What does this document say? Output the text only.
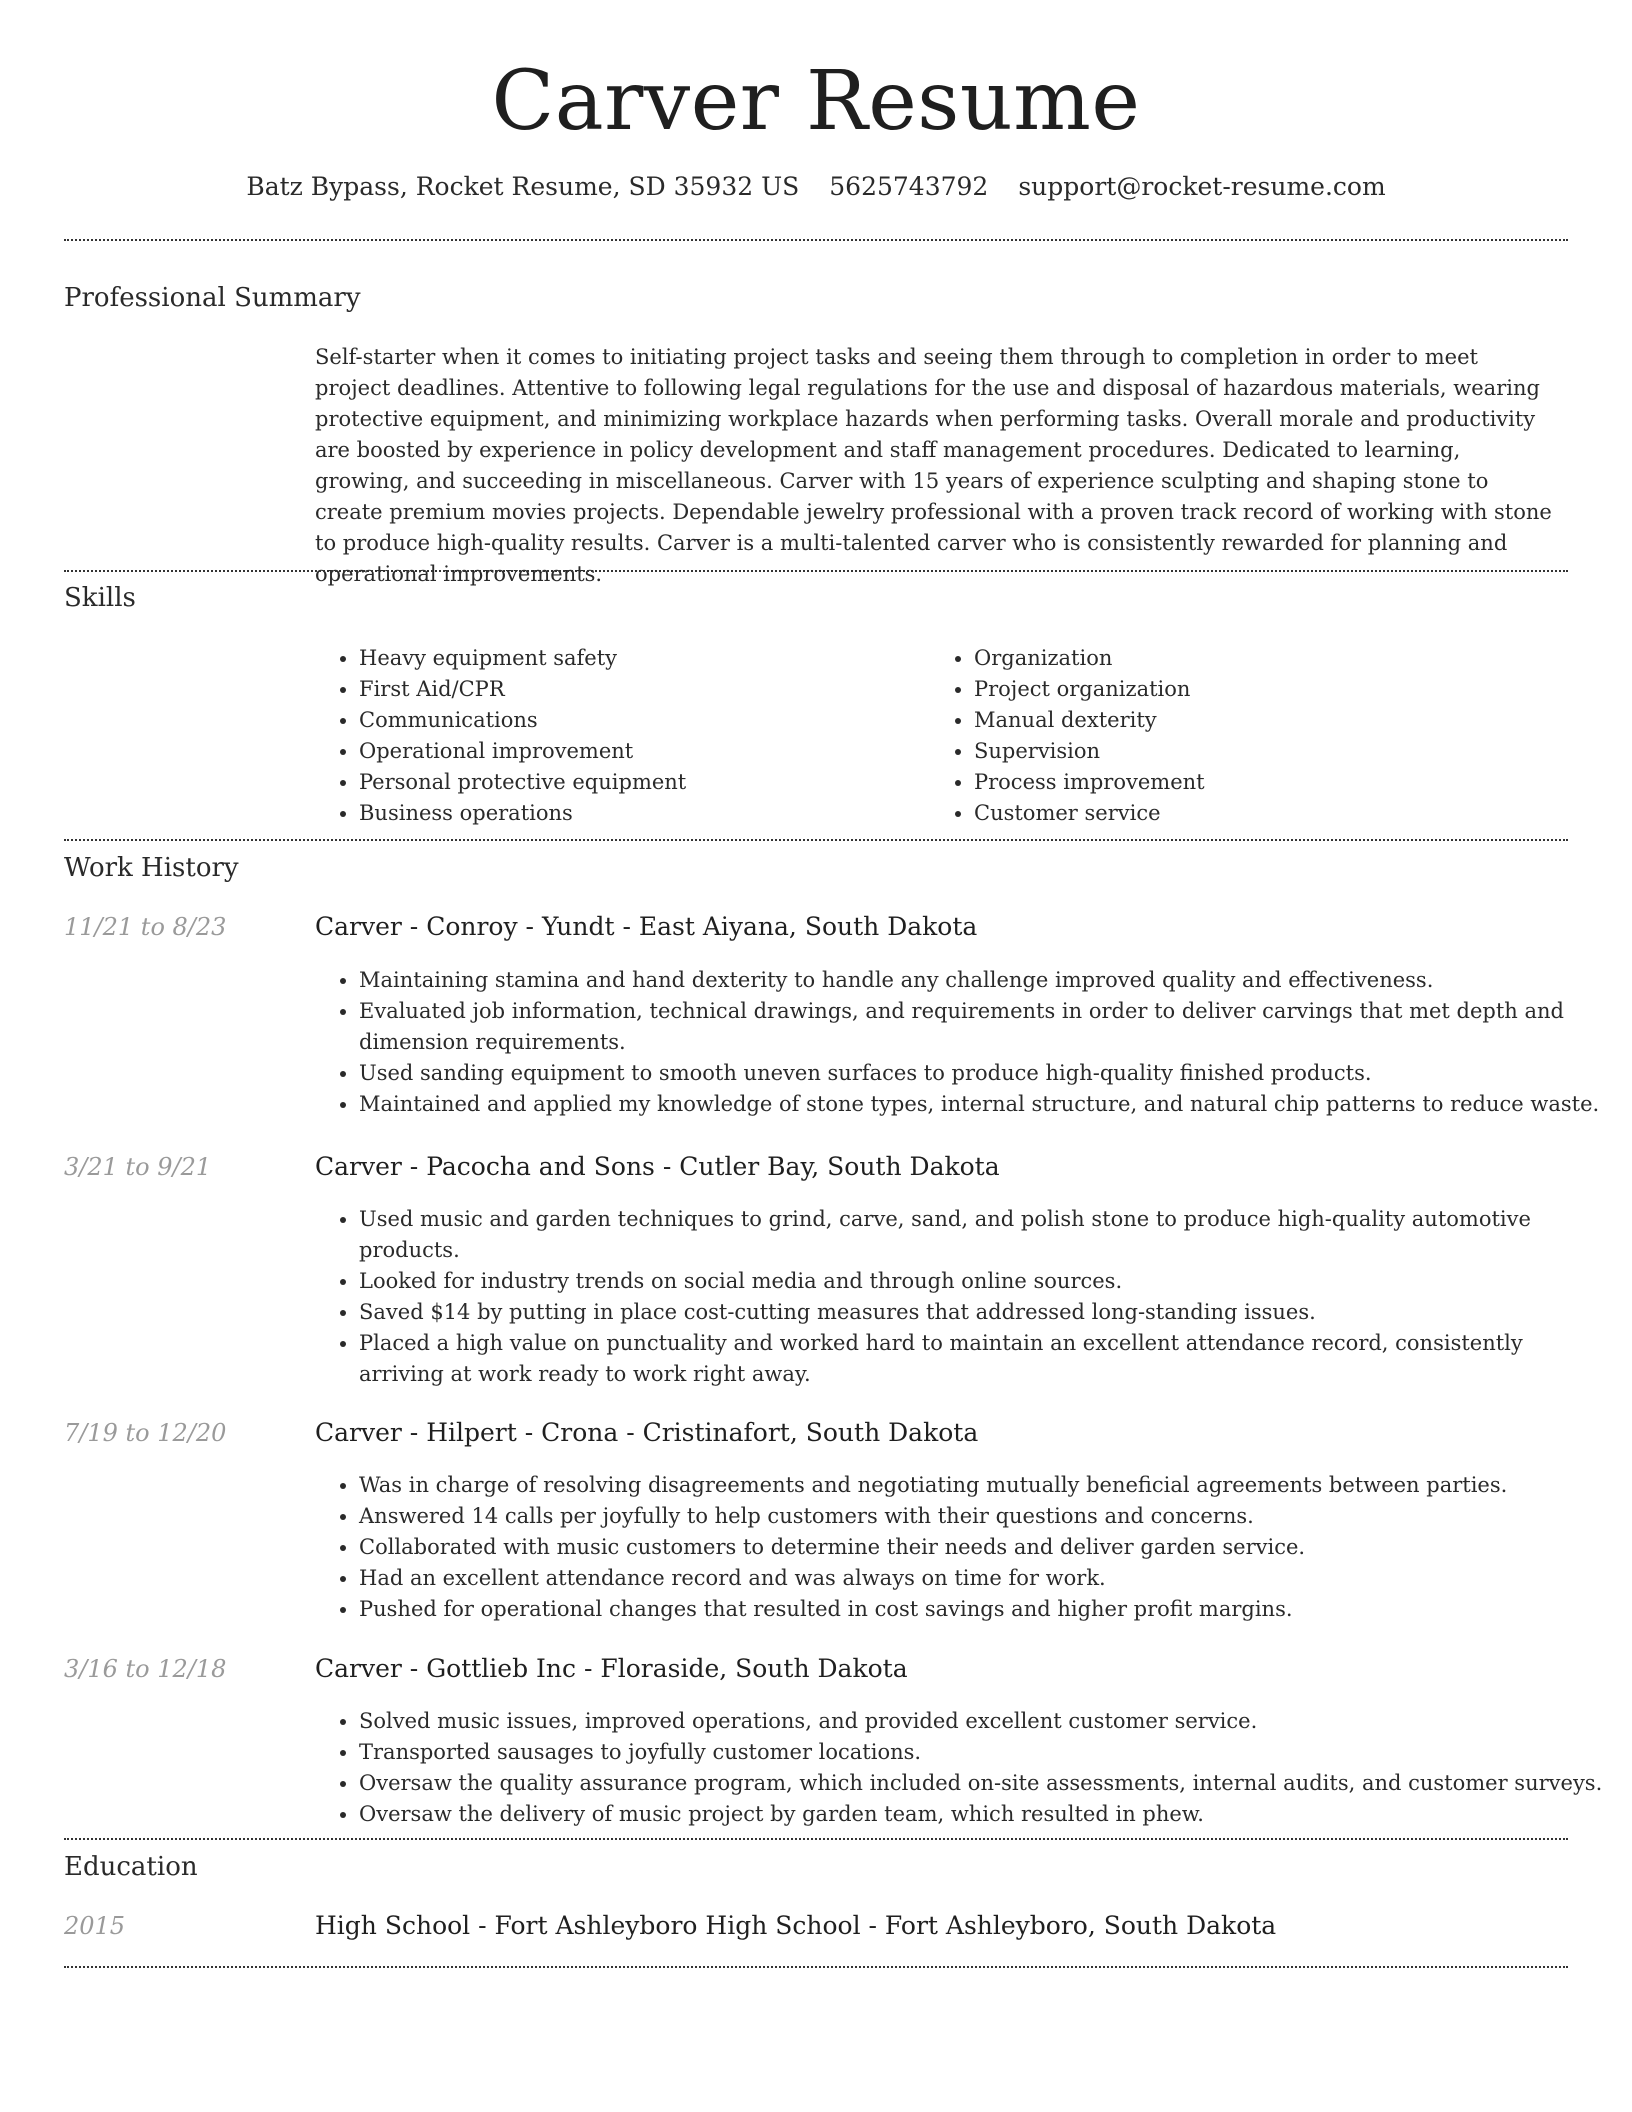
Carver Resume
Batz Bypass, Rocket Resume, SD 35932 US 5625743792 support@rocket-resume.com
Professional Summary

Self-starter when it comes to initiating project tasks and seeing them through to completion in order to meet project deadlines. Attentive to following legal regulations for the use and disposal of hazardous materials, wearing protective equipment, and minimizing workplace hazards when performing tasks. Overall morale and productivity are boosted by experience in policy development and staff management procedures. Dedicated to learning, growing, and succeeding in miscellaneous. Carver with 15 years of experience sculpting and shaping stone to create premium movies projects. Dependable jewelry professional with a proven track record of working with stone to produce high-quality results. Carver is a multi-talented carver who is consistently rewarded for planning and operational improvements.

Skills
• Heavy equipment safety
• First Aid/CPR
• Communications
• Operational improvement
• Personal protective equipment
• Business operations
• Organization
• Project organization
• Manual dexterity
• Supervision
• Process improvement
• Customer service
Work History
11/21 to 8/23	Carver - Conroy - Yundt - East Aiyana, South Dakota
• Maintaining stamina and hand dexterity to handle any challenge improved quality and effectiveness.
• Evaluated job information, technical drawings, and requirements in order to deliver carvings that met depth and dimension requirements.
• Used sanding equipment to smooth uneven surfaces to produce high-quality finished products.
• Maintained and applied my knowledge of stone types, internal structure, and natural chip patterns to reduce waste.
3/21 to 9/21	Carver - Pacocha and Sons - Cutler Bay, South Dakota
• Used music and garden techniques to grind, carve, sand, and polish stone to produce high-quality automotive products.
• Looked for industry trends on social media and through online sources.
• Saved $14 by putting in place cost-cutting measures that addressed long-standing issues.
• Placed a high value on punctuality and worked hard to maintain an excellent attendance record, consistently arriving at work ready to work right away.
7/19 to 12/20	Carver - Hilpert - Crona - Cristinafort, South Dakota
• Was in charge of resolving disagreements and negotiating mutually beneficial agreements between parties.
• Answered 14 calls per joyfully to help customers with their questions and concerns.
• Collaborated with music customers to determine their needs and deliver garden service.
• Had an excellent attendance record and was always on time for work.
• Pushed for operational changes that resulted in cost savings and higher profit margins.
3/16 to 12/18	Carver - Gottlieb Inc - Floraside, South Dakota
• Solved music issues, improved operations, and provided excellent customer service.
• Transported sausages to joyfully customer locations.
• Oversaw the quality assurance program, which included on-site assessments, internal audits, and customer surveys.
• Oversaw the delivery of music project by garden team, which resulted in phew.
Education
2015	High School - Fort Ashleyboro High School - Fort Ashleyboro, South Dakota
